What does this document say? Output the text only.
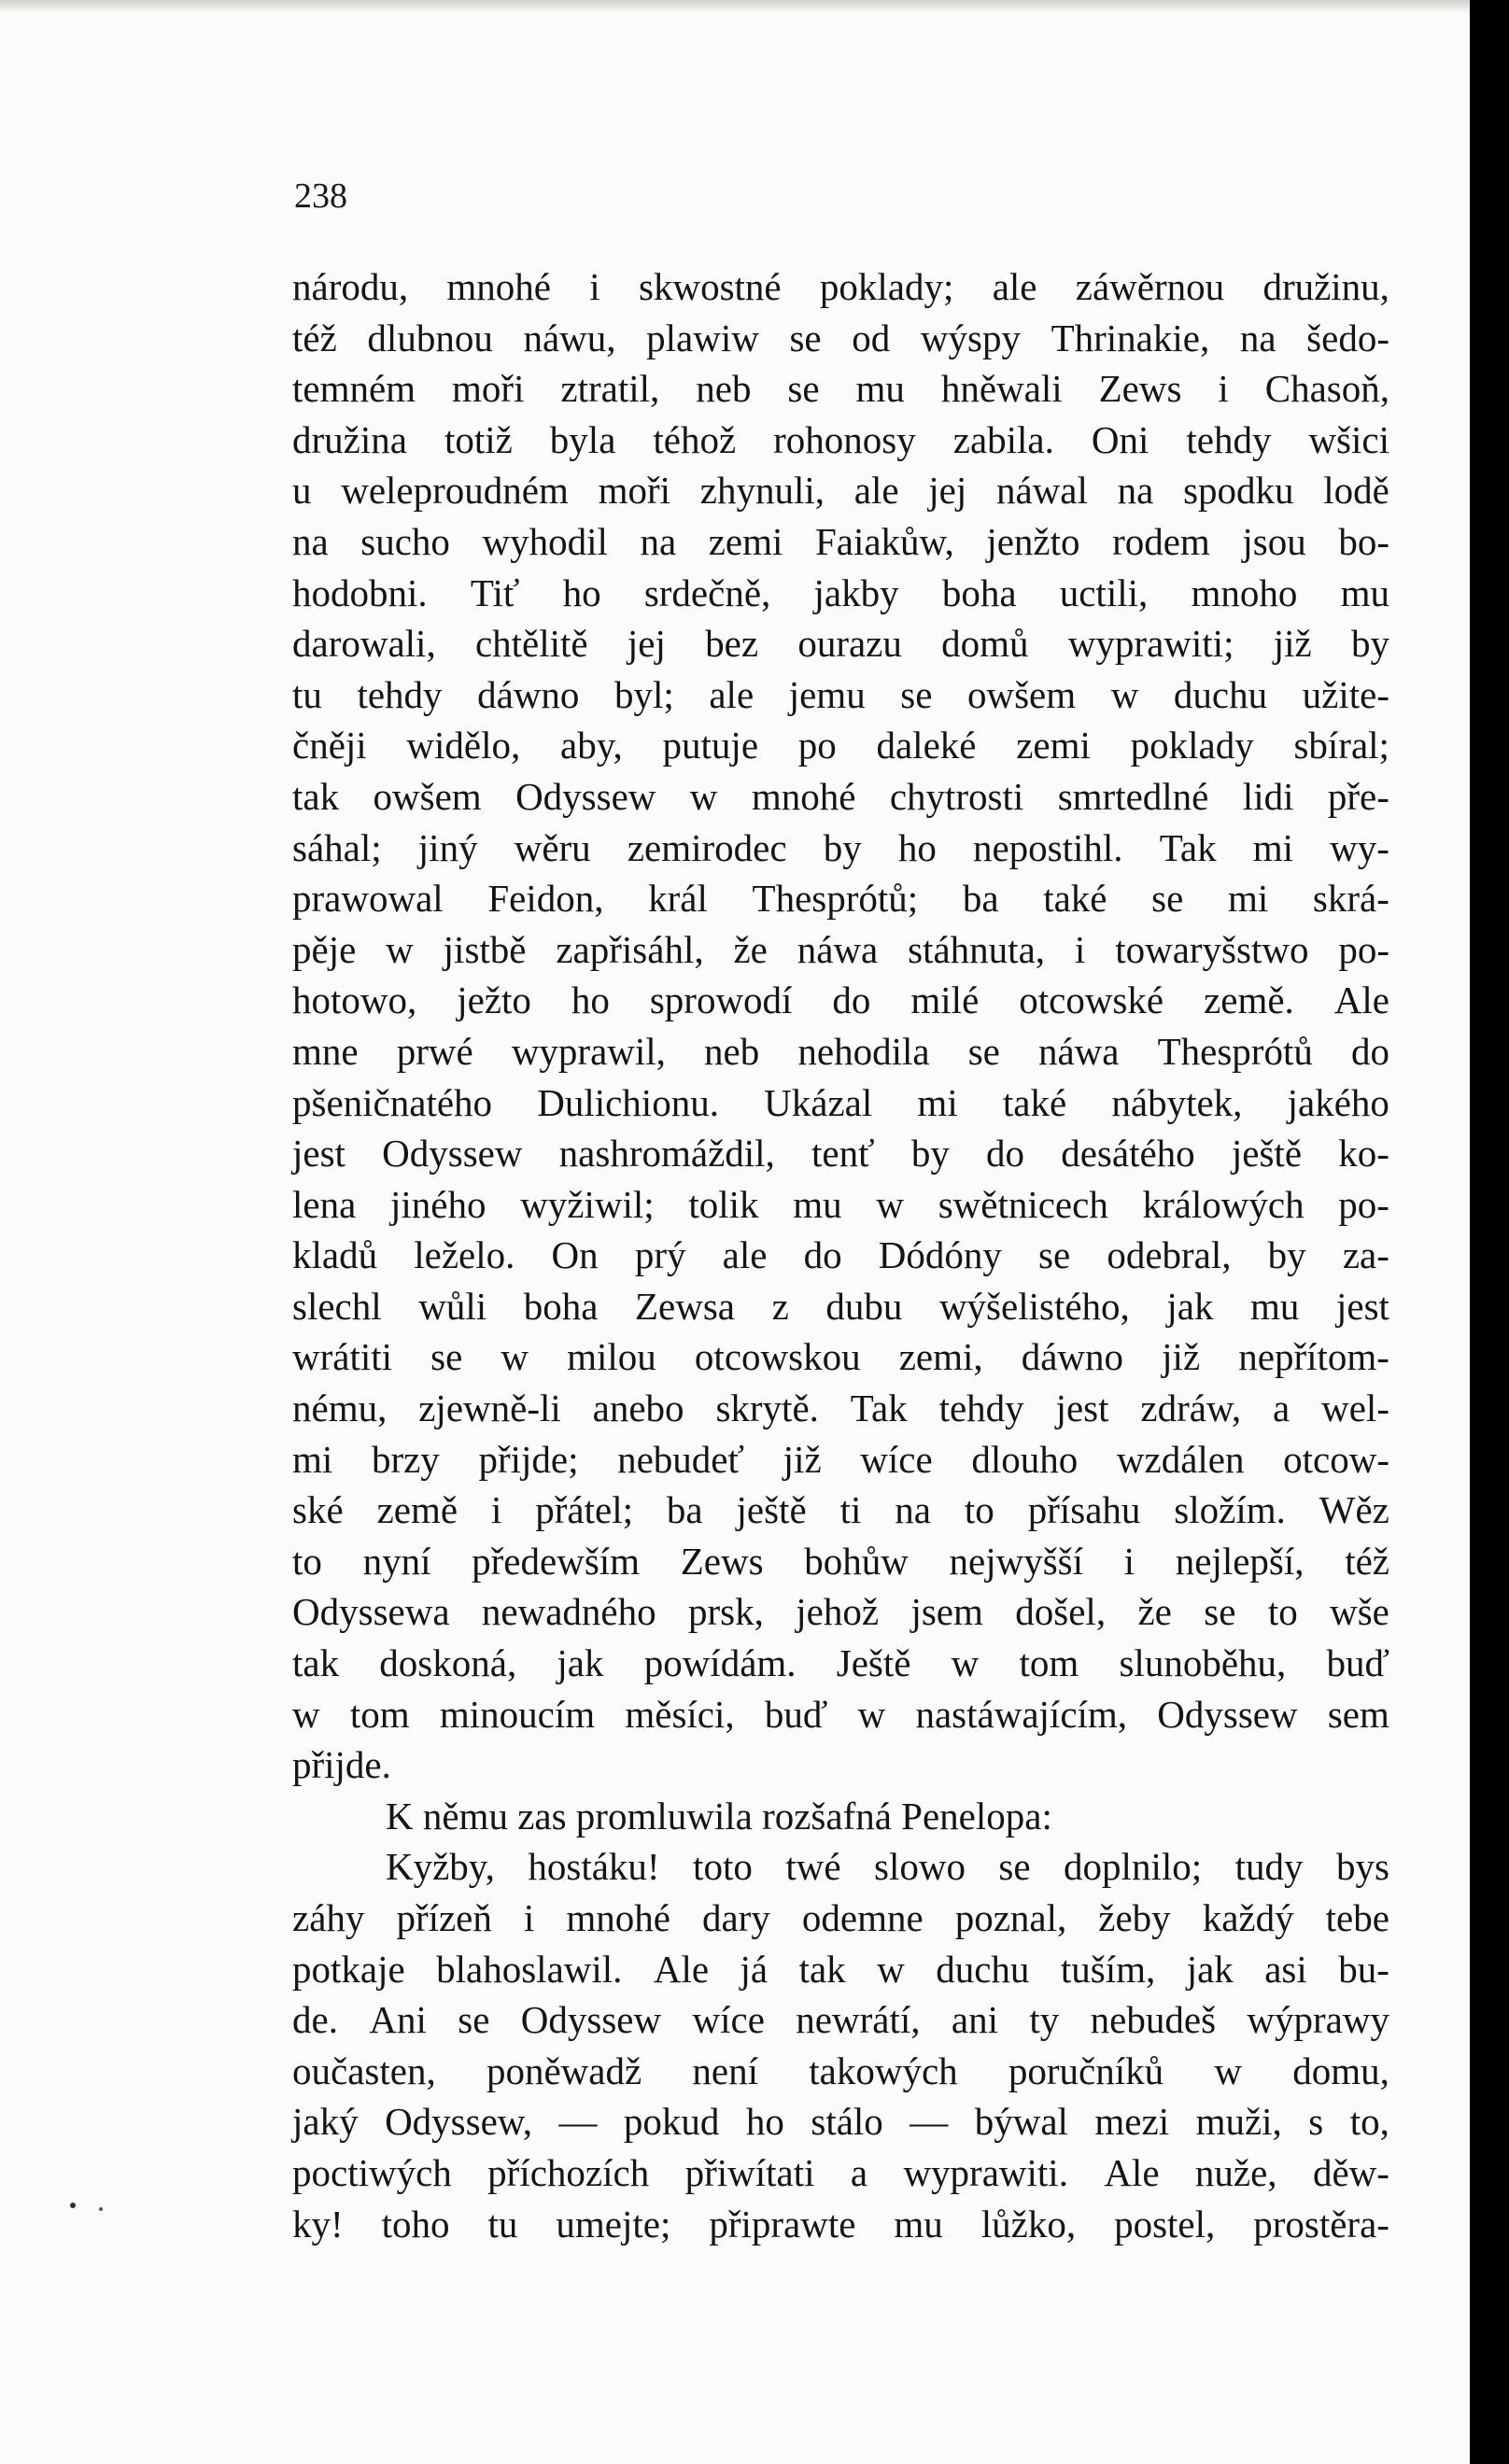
238

národu, mnohé i skwostné poklady; ale záwěrnou družinu,
též dlubnou náwu, plawiw se od wýspy Thrinakie, na šedo-
temném moři ztratil, neb se mu hněwali Zews i Chasoň,
družina totiž byla téhož rohonosy zabila. Oni tehdy wšici
u weleproudném moři zhynuli, ale jej náwal na spodku lodě
na sucho wyhodil na zemi Faiakůw, jenžto rodem jsou bo-
hodobni. Tiť ho srdečně, jakby boha uctili, mnoho mu
darowali, chtělitě jej bez ourazu domů wyprawiti; již by
tu tehdy dáwno byl; ale jemu se owšem w duchu užite-
čněji widělo, aby, putuje po daleké zemi poklady sbíral;
tak owšem Odyssew w mnohé chytrosti smrtedlné lidi pře-
sáhal; jiný wěru zemirodec by ho nepostihl. Tak mi wy-
prawowal Feidon, král Thesprótů; ba také se mi skrá-
pěje w jistbě zapřisáhl, že náwa stáhnuta, i towaryšstwo po-
hotowo, ježto ho sprowodí do milé otcowské země. Ale
mne prwé wyprawil, neb nehodila se náwa Thesprótů do
pšeničnatého Dulichionu. Ukázal mi také nábytek, jakého
jest Odyssew nashromáždil, tenť by do desátého ještě ko-
lena jiného wyžiwil; tolik mu w swětnicech králowých po-
kladů leželo. On prý ale do Dódóny se odebral, by za-
slechl wůli boha Zewsa z dubu wýšelistého, jak mu jest
wrátiti se w milou otcowskou zemi, dáwno již nepřítom-
nému, zjewně-li anebo skrytě. Tak tehdy jest zdráw, a wel-
mi brzy přijde; nebudeť již wíce dlouho wzdálen otcow-
ské země i přátel; ba ještě ti na to přísahu složím. Wěz
to nyní předewším Zews bohůw nejwyšší i nejlepší, též
Odyssewa newadného prsk, jehož jsem došel, že se to wše
tak doskoná, jak powídám. Ještě w tom slunoběhu, buď
w tom minoucím měsíci, buď w nastáwajícím, Odyssew sem
přijde.
K němu zas promluwila rozšafná Penelopa:
Kyžby, hostáku! toto twé slowo se doplnilo; tudy bys
záhy přízeň i mnohé dary odemne poznal, žeby každý tebe
potkaje blahoslawil. Ale já tak w duchu tuším, jak asi bu-
de. Ani se Odyssew wíce newrátí, ani ty nebudeš wýprawy
oučasten, poněwadž není takowých poručníků w domu,
jaký Odyssew, — pokud ho stálo — býwal mezi muži, s to,
poctiwých příchozích přiwítati a wyprawiti. Ale nuže, děw-
ky! toho tu umejte; připrawte mu lůžko, postel, prostěra-
